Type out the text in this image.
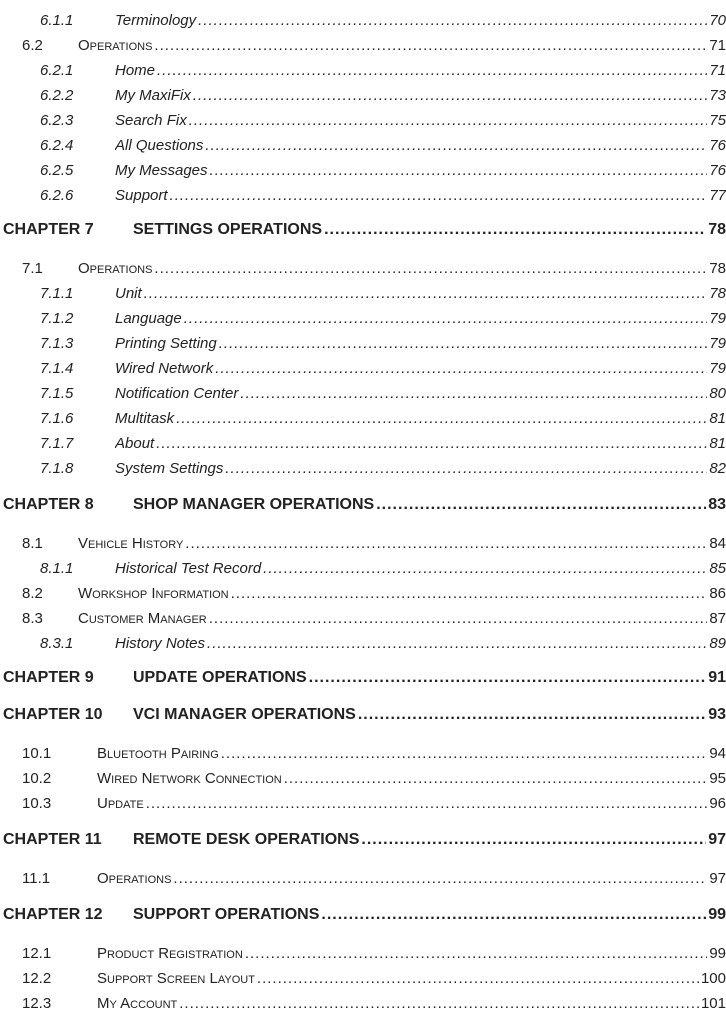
6.1.1	Terminology .....	70
6.2 Operations .....	71
6.2.1	Home .....	71
6.2.2	My MaxiFix .....	73
6.2.3	Search Fix .....	75
6.2.4	All Questions .....	76
6.2.5	My Messages .....	76
6.2.6	Support .....	77
CHAPTER 7 SETTINGS OPERATIONS .....	78
7.1 Operations .....	78
7.1.1	Unit .....	78
7.1.2	Language .....	79
7.1.3	Printing Setting .....	79
7.1.4	Wired Network .....	79
7.1.5	Notification Center .....	80
7.1.6	Multitask .....	81
7.1.7	About .....	81
7.1.8	System Settings .....	82
CHAPTER 8 SHOP MANAGER OPERATIONS .....	83
8.1 Vehicle History .....	84
8.1.1	Historical Test Record .....	85
8.2 Workshop Information .....	86
8.3 Customer Manager .....	87
8.3.1	History Notes .....	89
CHAPTER 9 UPDATE OPERATIONS .....	91
CHAPTER 10 VCI MANAGER OPERATIONS .....	93
10.1	Bluetooth Pairing .....	94
10.2	Wired Network Connection .....	95
10.3	Update .....	96
CHAPTER 11 REMOTE DESK OPERATIONS .....	97
11.1	Operations .....	97
CHAPTER 12 SUPPORT OPERATIONS .....	99
12.1	Product Registration .....	99
12.2	Support Screen Layout .....	100
12.3	My Account .....	101
